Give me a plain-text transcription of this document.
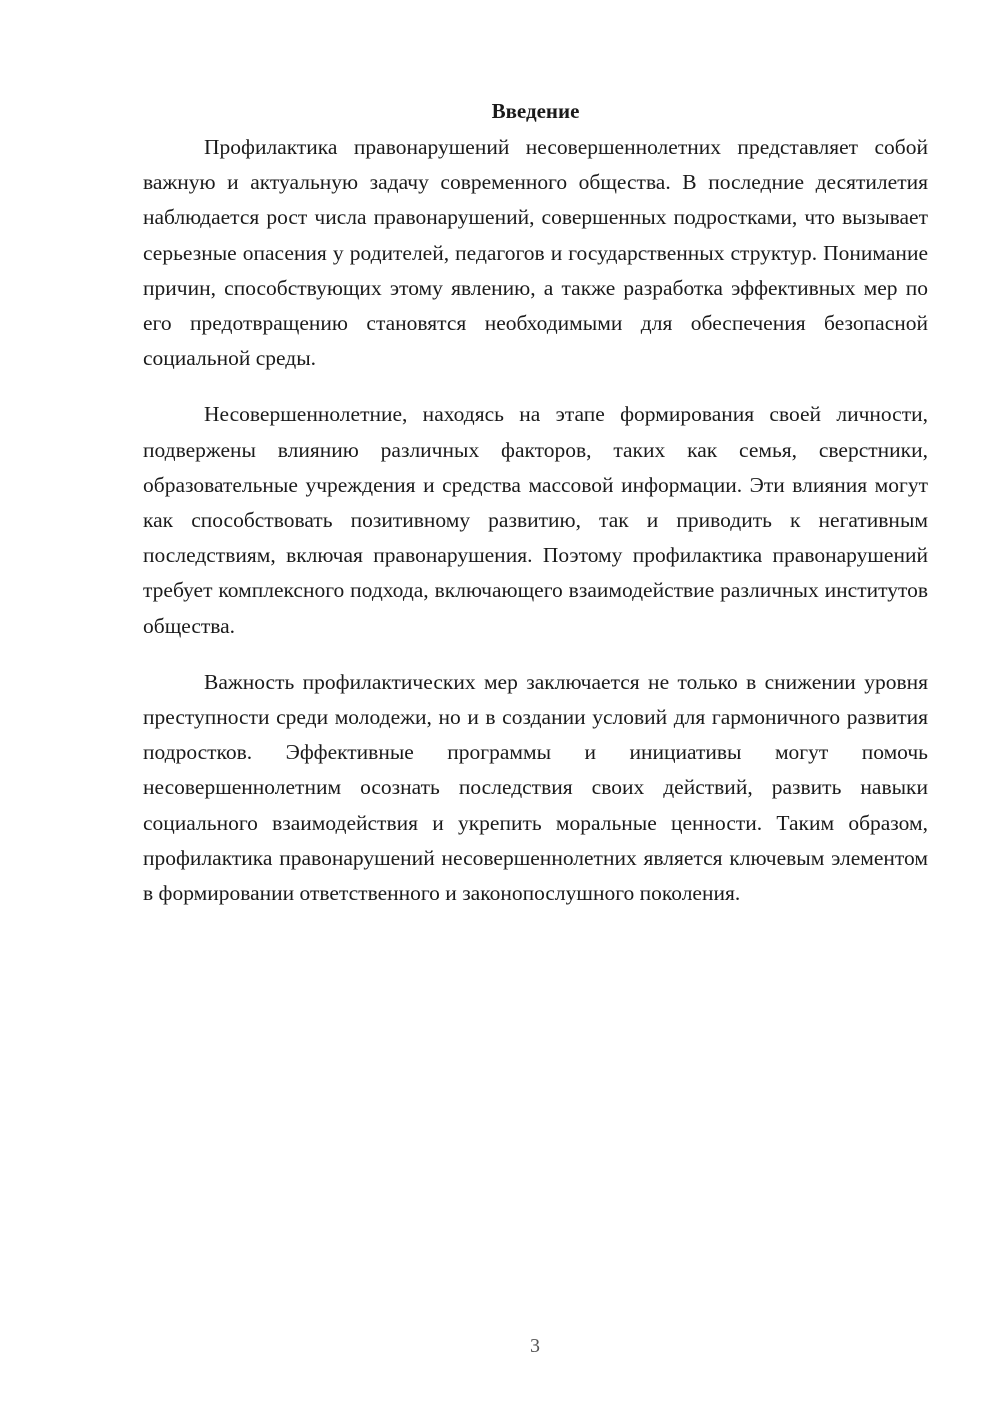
Введение

Профилактика правонарушений несовершеннолетних представляет собой важную и актуальную задачу современного общества. В последние десятилетия наблюдается рост числа правонарушений, совершенных подростками, что вызывает серьезные опасения у родителей, педагогов и государственных структур. Понимание причин, способствующих этому явлению, а также разработка эффективных мер по его предотвращению становятся необходимыми для обеспечения безопасной социальной среды.

Несовершеннолетние, находясь на этапе формирования своей личности, подвержены влиянию различных факторов, таких как семья, сверстники, образовательные учреждения и средства массовой информации. Эти влияния могут как способствовать позитивному развитию, так и приводить к негативным последствиям, включая правонарушения. Поэтому профилактика правонарушений требует комплексного подхода, включающего взаимодействие различных институтов общества.

Важность профилактических мер заключается не только в снижении уровня преступности среди молодежи, но и в создании условий для гармоничного развития подростков. Эффективные программы и инициативы могут помочь несовершеннолетним осознать последствия своих действий, развить навыки социального взаимодействия и укрепить моральные ценности. Таким образом, профилактика правонарушений несовершеннолетних является ключевым элементом в формировании ответственного и законопослушного поколения.

3
